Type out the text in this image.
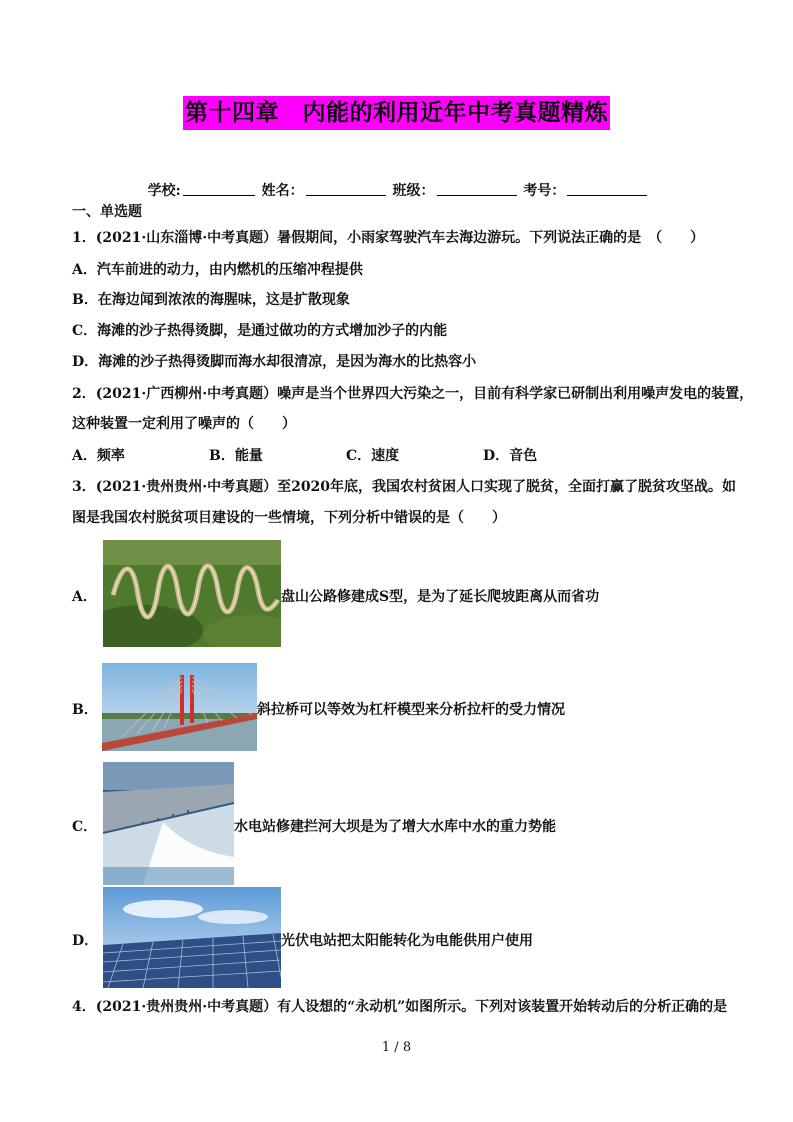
第十四章　内能的利用近年中考真题精炼
学校:	姓名：	班级：	考号：
一、单选题
1．(2021·山东淄博·中考真题）暑假期间，小雨家驾驶汽车去海边游玩。下列说法正确的是　（　　）
A．汽车前进的动力，由内燃机的压缩冲程提供
B．在海边闻到浓浓的海腥味，这是扩散现象
C．海滩的沙子热得烫脚，是通过做功的方式增加沙子的内能
D．海滩的沙子热得烫脚而海水却很清凉，是因为海水的比热容小
2．(2021·广西柳州·中考真题）噪声是当个世界四大污染之一，目前有科学家已研制出利用噪声发电的装置，
这种装置一定利用了噪声的（　　）
A．频率	B．能量	C．速度	D．音色
3．(2021·贵州贵州·中考真题）至2020年底，我国农村贫困人口实现了脱贫，全面打赢了脱贫攻坚战。如
图是我国农村脱贫项目建设的一些情境，下列分析中错误的是（　　）
A．	盘山公路修建成S型，是为了延长爬坡距离从而省功
B．	斜拉桥可以等效为杠杆模型来分析拉杆的受力情况
C．	水电站修建拦河大坝是为了增大水库中水的重力势能
D．	光伏电站把太阳能转化为电能供用户使用
4．(2021·贵州贵州·中考真题）有人设想的“永动机”如图所示。下列对该装置开始转动后的分析正确的是
1 / 8
